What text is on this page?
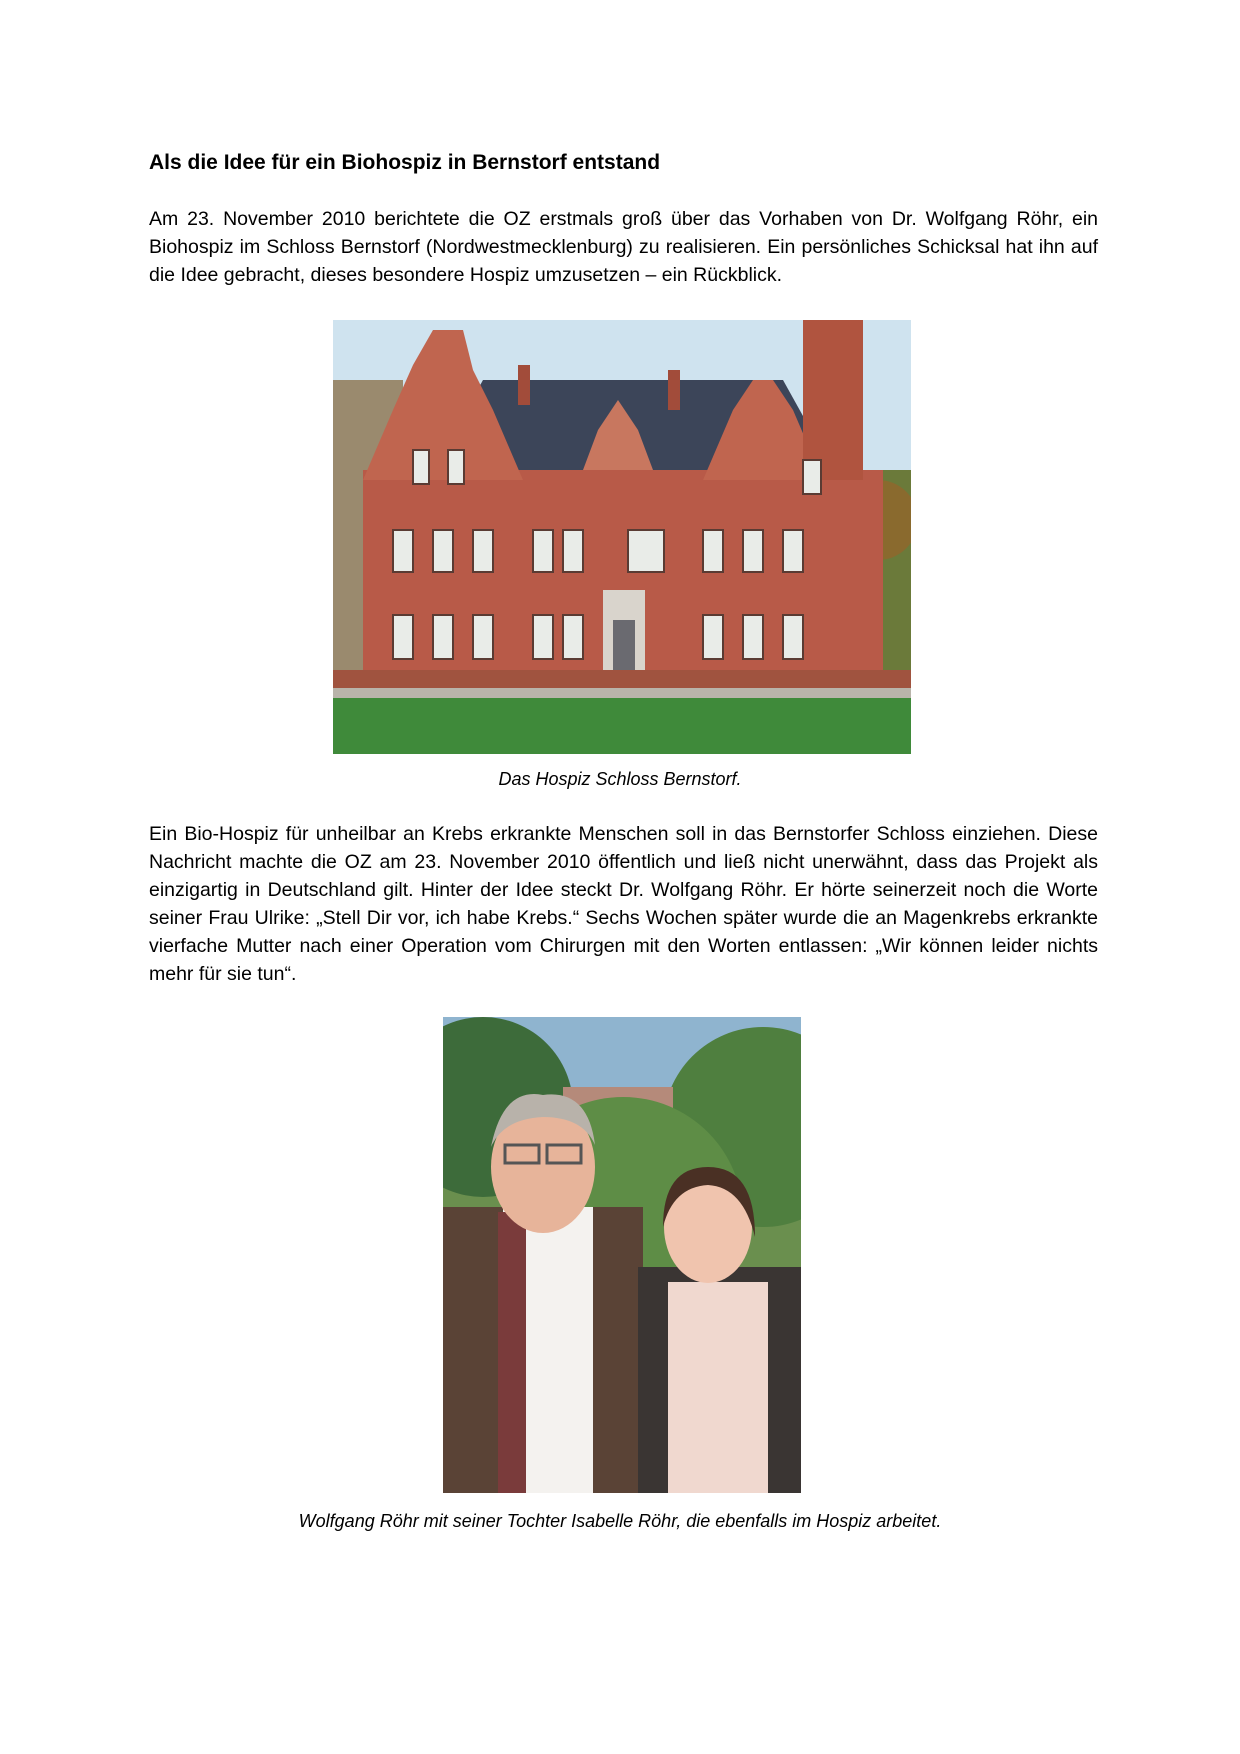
Als die Idee für ein Biohospiz in Bernstorf entstand

Am 23. November 2010 berichtete die OZ erstmals groß über das Vorhaben von Dr. Wolfgang Röhr, ein Biohospiz im Schloss Bernstorf (Nordwestmecklenburg) zu realisieren. Ein persönliches Schicksal hat ihn auf die Idee gebracht, dieses besondere Hospiz umzusetzen – ein Rückblick.

Das Hospiz Schloss Bernstorf.

Ein Bio-Hospiz für unheilbar an Krebs erkrankte Menschen soll in das Bernstorfer Schloss einziehen. Diese Nachricht machte die OZ am 23. November 2010 öffentlich und ließ nicht unerwähnt, dass das Projekt als einzigartig in Deutschland gilt. Hinter der Idee steckt Dr. Wolfgang Röhr. Er hörte seinerzeit noch die Worte seiner Frau Ulrike: „Stell Dir vor, ich habe Krebs.“ Sechs Wochen später wurde die an Magenkrebs erkrankte vierfache Mutter nach einer Operation vom Chirurgen mit den Worten entlassen: „Wir können leider nichts mehr für sie tun“.

Wolfgang Röhr mit seiner Tochter Isabelle Röhr, die ebenfalls im Hospiz arbeitet.
